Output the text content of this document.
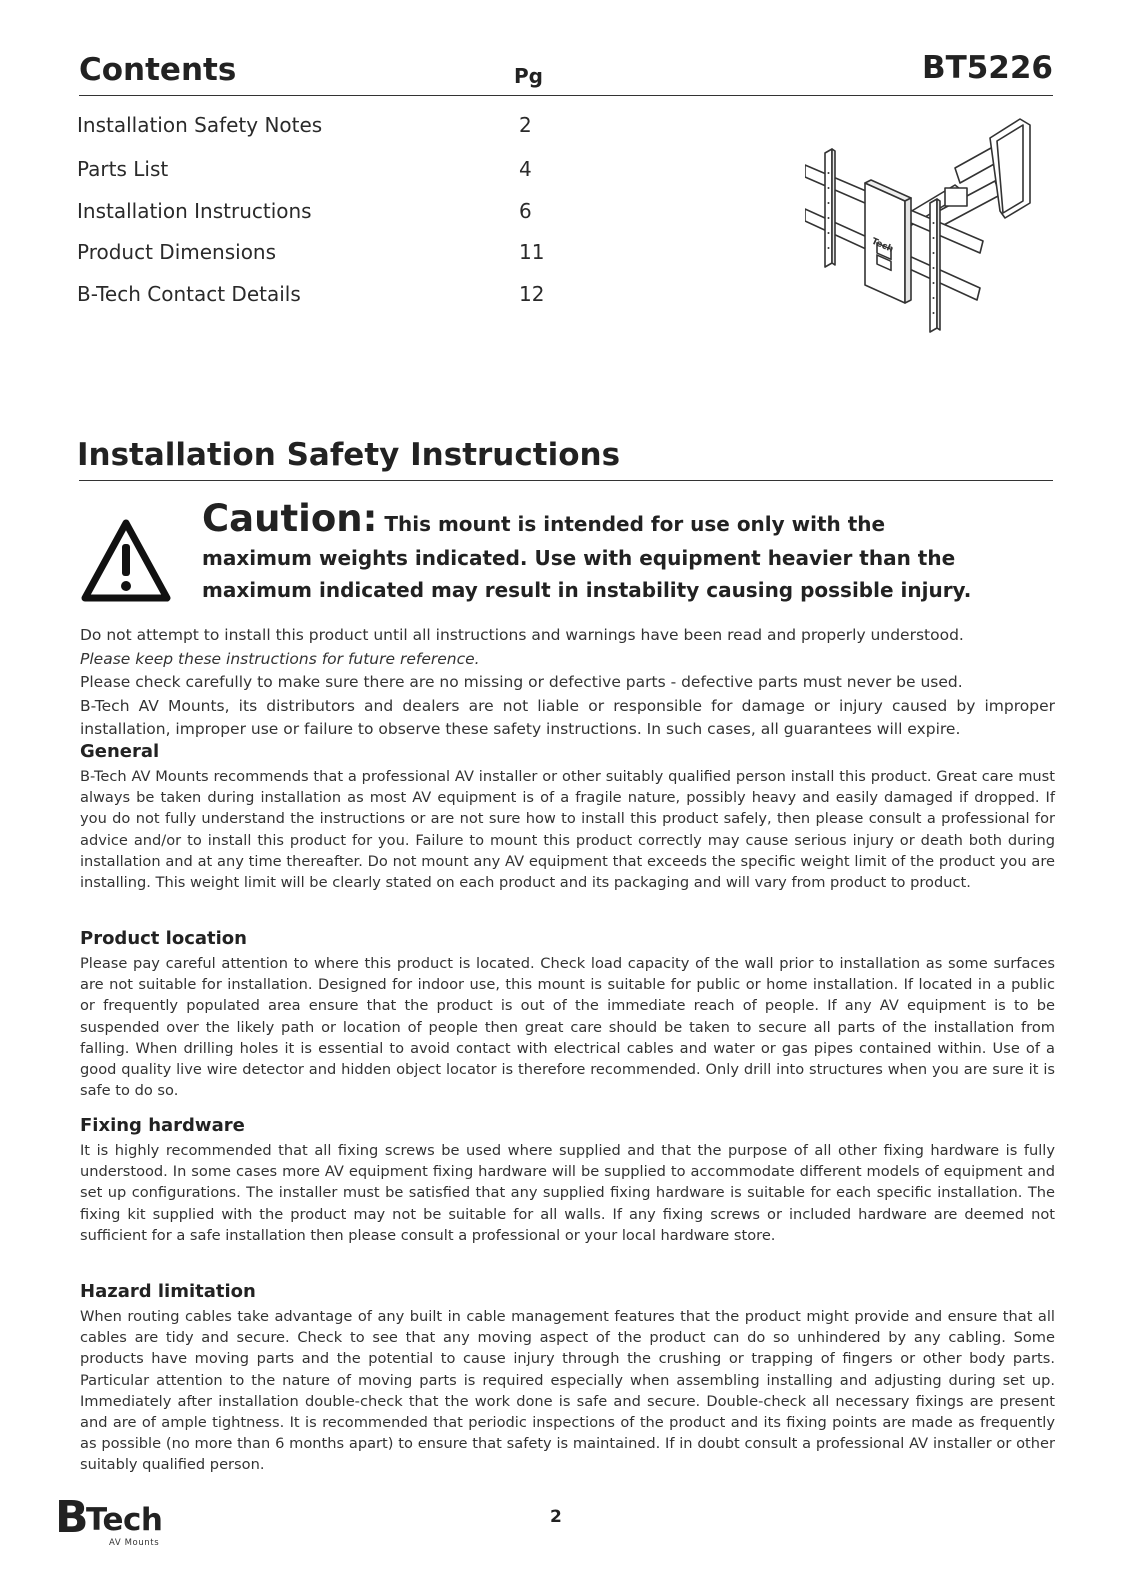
Contents	Pg	BT5226
Installation Safety Notes	2
Parts List	4
Installation Instructions	6
Product Dimensions	11
B-Tech Contact Details	12
Tech
Installation Safety Instructions
Caution: This mount is intended for use only with the
maximum weights indicated. Use with equipment heavier than the
maximum indicated may result in instability causing possible injury.

Do not attempt to install this product until all instructions and warnings have been read and properly understood.

Please keep these instructions for future reference.

Please check carefully to make sure there are no missing or defective parts - defective parts must never be used.

B-Tech AV Mounts, its distributors and dealers are not liable or responsible for damage or injury caused by improper installation, improper use or failure to observe these safety instructions. In such cases, all guarantees will expire.

General
B-Tech AV Mounts recommends that a professional AV installer or other suitably qualified person install this product. Great care must always be taken during installation as most AV equipment is of a fragile nature, possibly heavy and easily damaged if dropped. If you do not fully understand the instructions or are not sure how to install this product safely, then please consult a professional for advice and/or to install this product for you. Failure to mount this product correctly may cause serious injury or death both during installation and at any time thereafter. Do not mount any AV equipment that exceeds the specific weight limit of the product you are installing. This weight limit will be clearly stated on each product and its packaging and will vary from product to product.
Product location
Please pay careful attention to where this product is located. Check load capacity of the wall prior to installation as some surfaces are not suitable for installation. Designed for indoor use, this mount is suitable for public or home installation. If located in a public or frequently populated area ensure that the product is out of the immediate reach of people. If any AV equipment is to be suspended over the likely path or location of people then great care should be taken to secure all parts of the installation from falling. When drilling holes it is essential to avoid contact with electrical cables and water or gas pipes contained within. Use of a good quality live wire detector and hidden object locator is therefore recommended. Only drill into structures when you are sure it is safe to do so.
Fixing hardware
It is highly recommended that all fixing screws be used where supplied and that the purpose of all other fixing hardware is fully understood. In some cases more AV equipment fixing hardware will be supplied to accommodate different models of equipment and set up configurations. The installer must be satisfied that any supplied fixing hardware is suitable for each specific installation. The fixing kit supplied with the product may not be suitable for all walls. If any fixing screws or included hardware are deemed not sufficient for a safe installation then please consult a professional or your local hardware store.
Hazard limitation
When routing cables take advantage of any built in cable management features that the product might provide and ensure that all cables are tidy and secure. Check to see that any moving aspect of the product can do so unhindered by any cabling. Some products have moving parts and the potential to cause injury through the crushing or trapping of fingers or other body parts. Particular attention to the nature of moving parts is required especially when assembling installing and adjusting during set up. Immediately after installation double-check that the work done is safe and secure. Double-check all necessary fixings are present and are of ample tightness. It is recommended that periodic inspections of the product and its fixing points are made as frequently as possible (no more than 6 months apart) to ensure that safety is maintained. If in doubt consult a professional AV installer or other suitably qualified person.
B
Tech
AV Mounts
2
